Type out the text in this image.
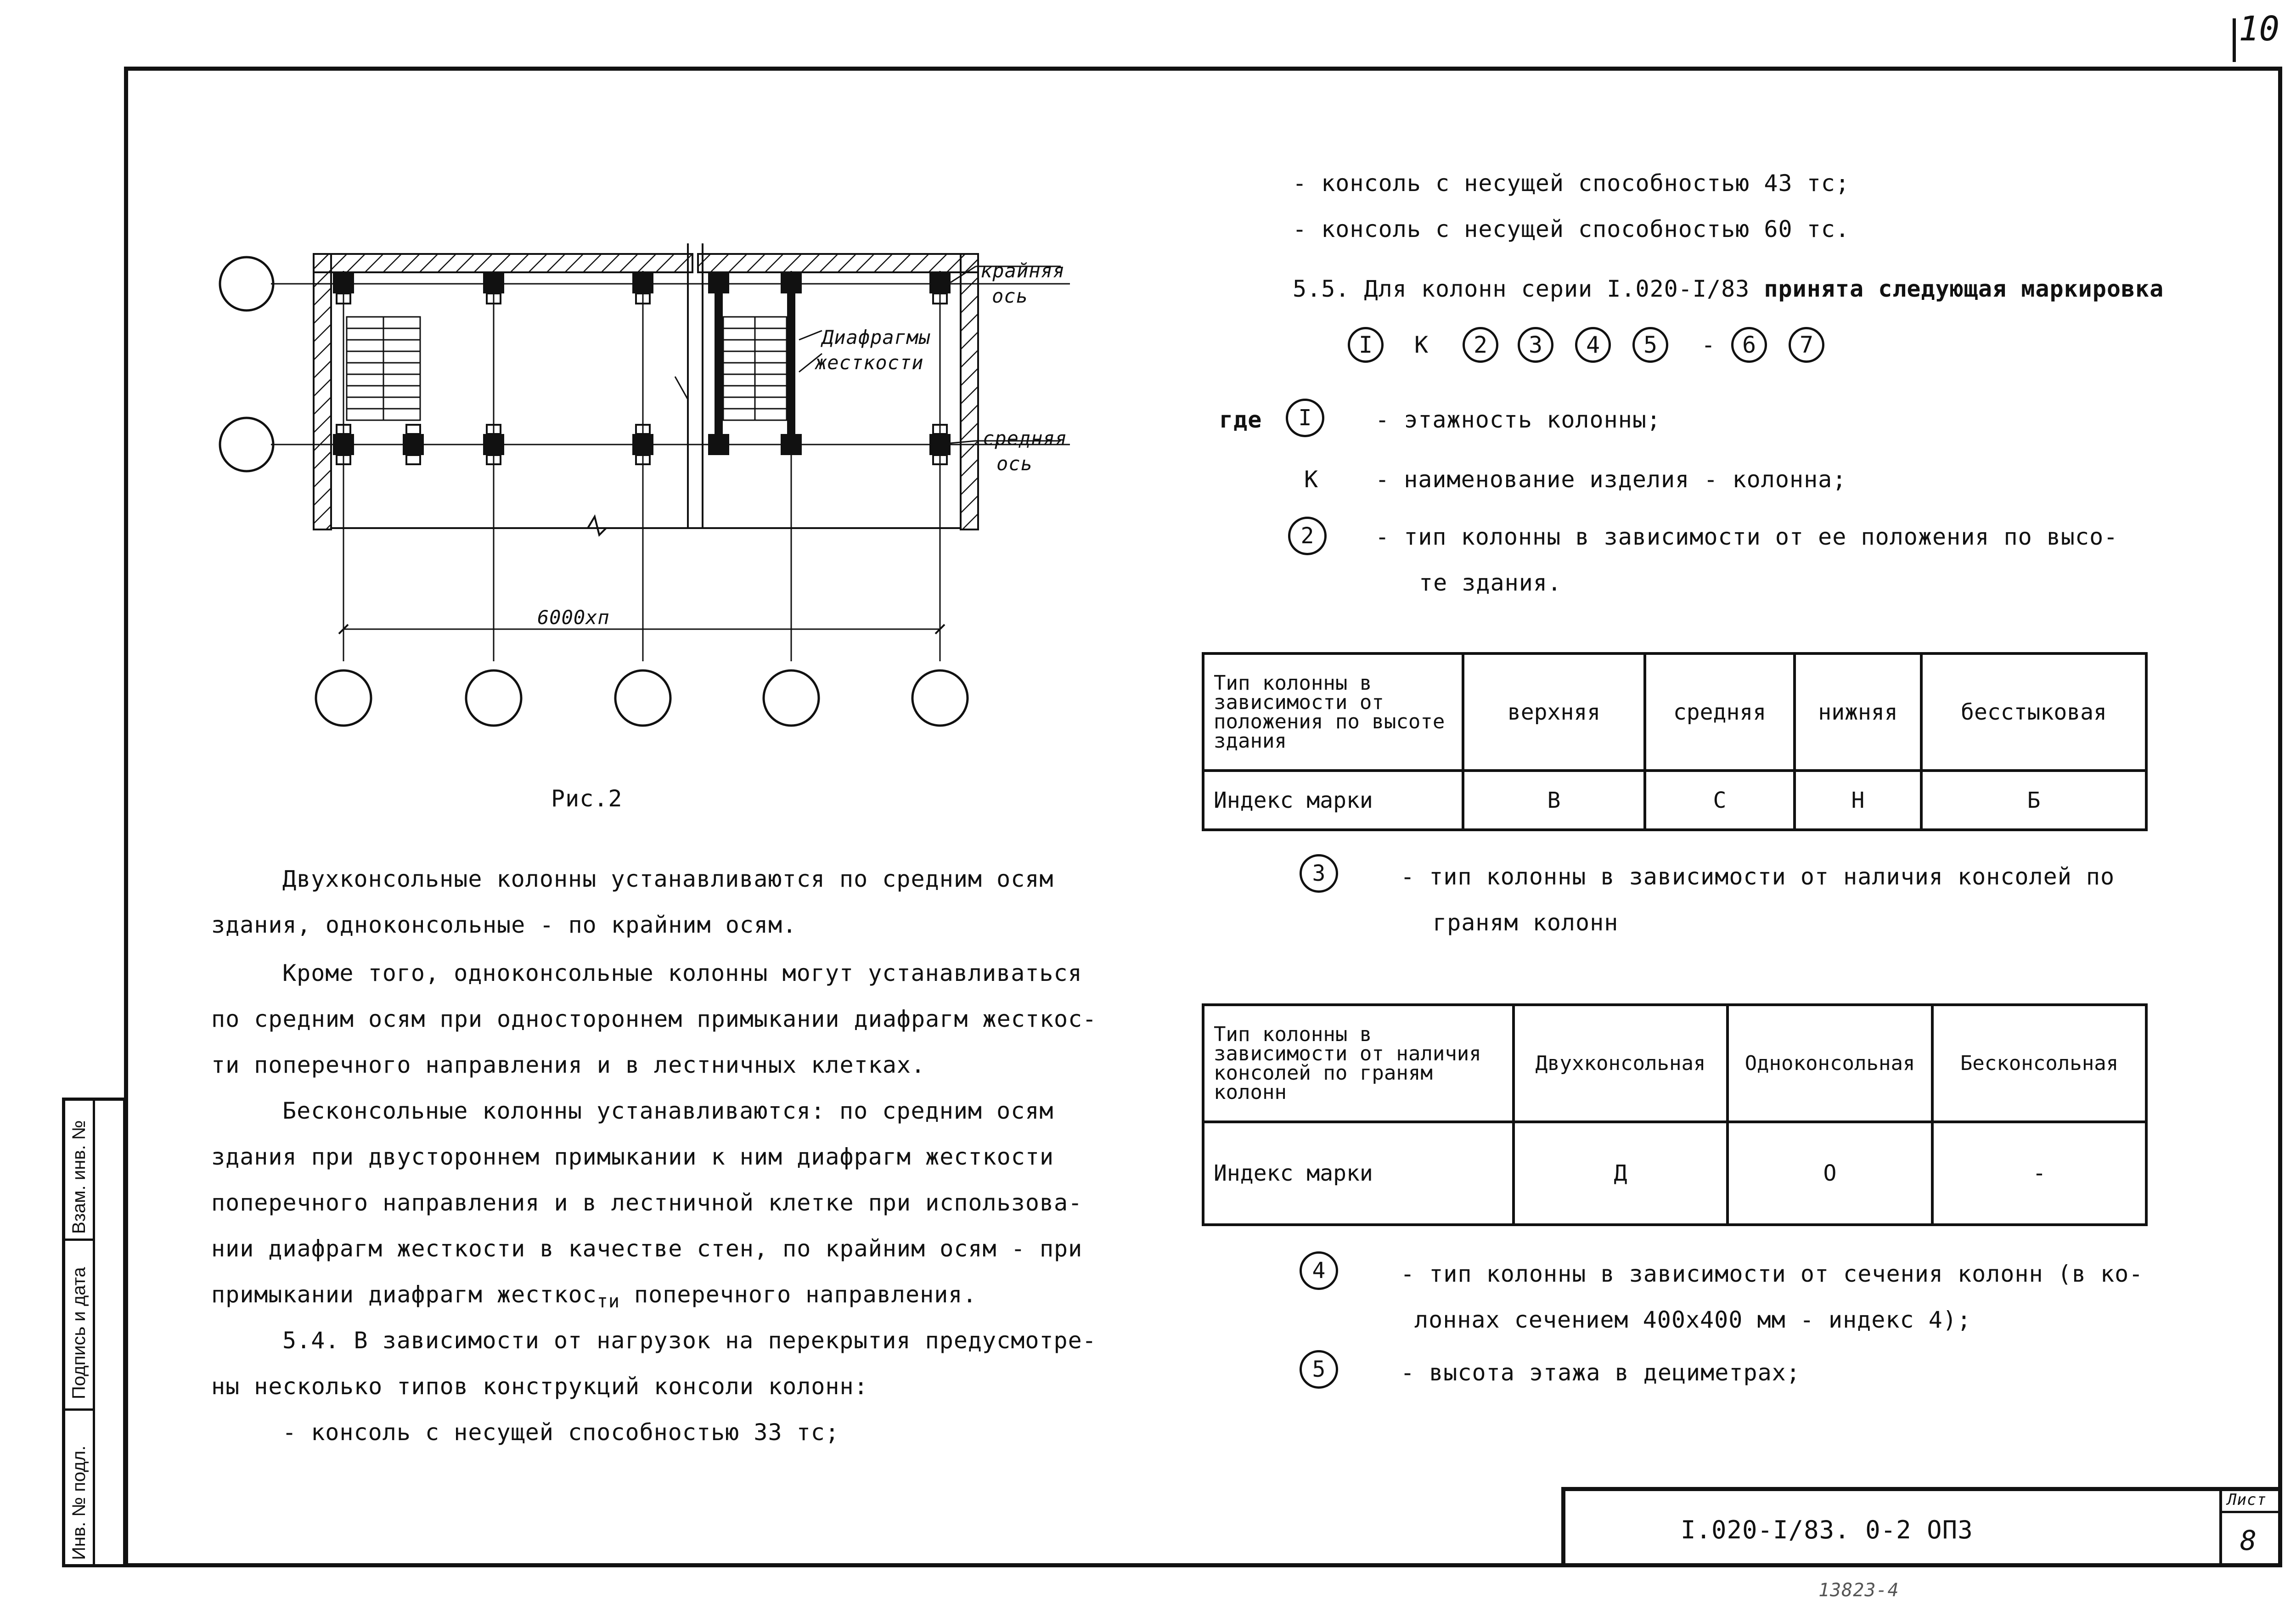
10
Инв. № подл.
Подпись и дата
Взам. инв. №
крайняя
ось
средняя
ось
Диафрагмы
жесткости
6000хп
Рис.2
Двухконсольные колонны устанавливаются по средним осям
здания, одноконсольные - по крайним осям.
Кроме того, одноконсольные колонны могут устанавливаться
по средним осям при одностороннем примыкании диафрагм жесткос-
ти поперечного направления и в лестничных клетках.
Бесконсольные колонны устанавливаются: по средним осям
здания при двустороннем примыкании к ним диафрагм жесткости
поперечного направления и в лестничной клетке при использова-
нии диафрагм жесткости в качестве стен, по крайним осям - при
примыкании диафрагм жесткос$_{ти}$ поперечного направления.
5.4. В зависимости от нагрузок на перекрытия предусмотре-
ны несколько типов конструкций консоли колонн:
- консоль с несущей способностью 33 тс;
- консоль с несущей способностью 43 тс;
- консоль с несущей способностью 60 тс.
5.5. Для колонн серии I.020-I/83 принята следующая маркировка
I	К	2	3	4	5	-	6	7
где	I	- этажность колонны;
К - наименование изделия - колонна;
2	- тип колонны в зависимости от ее положения по высо-
те здания.
Тип колонны в зависимости от положения по высоте здания	верхняя	средняя	нижняя	бесстыковая
Индекс марки	В	С	Н	Б
3	- тип колонны в зависимости от наличия консолей по
граням колонн
Тип колонны в зависимости от наличия консолей по граням колонн	Двухконсольная	Одноконсольная	Бесконсольная
Индекс марки	Д	О	-
4	- тип колонны в зависимости от сечения колонн (в ко-
лоннах сечением 400х400 мм - индекс 4);
5	- высота этажа в дециметрах;
I.020-I/83. 0-2 ОПЗ
Лист
8
13823-4
